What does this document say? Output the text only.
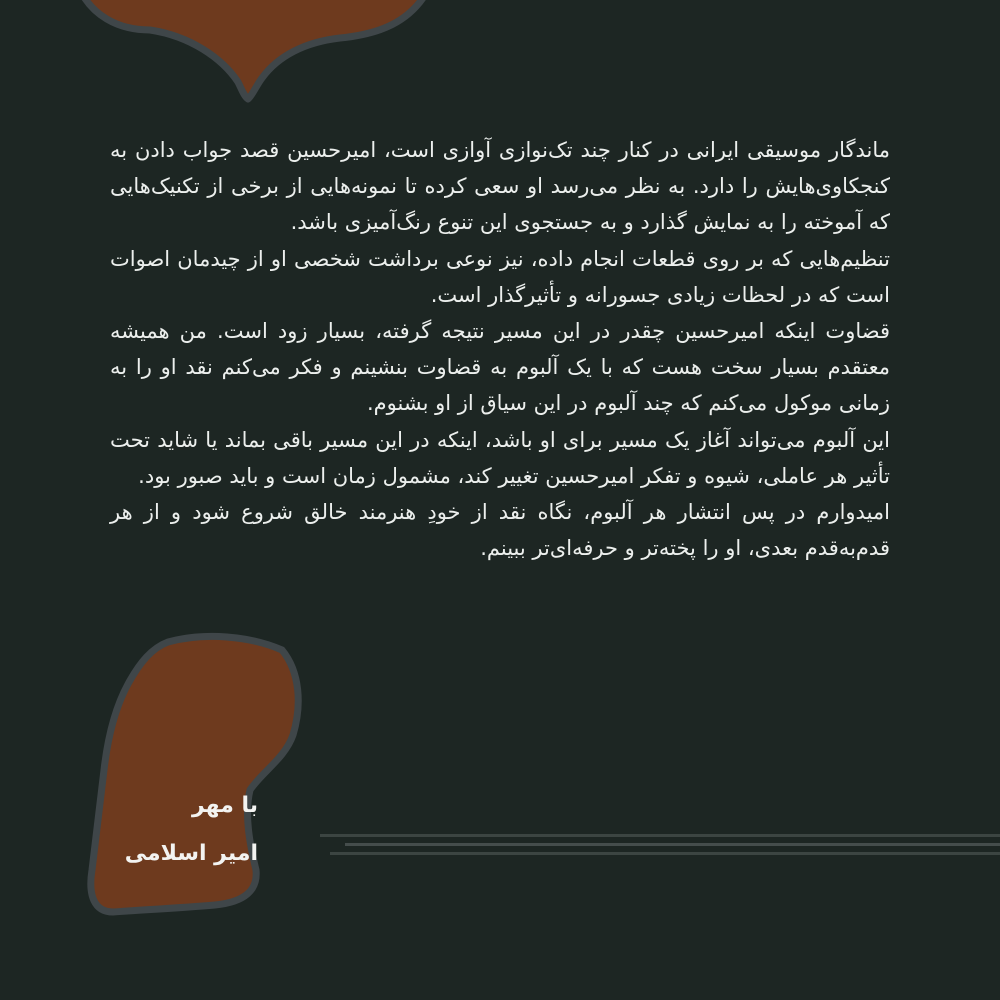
ماندگار موسیقی ایرانی در کنار چند تک‌نوازی آوازی است، امیرحسین قصد جواب دادن به کنجکاوی‌هایش را دارد. به نظر می‌رسد او سعی کرده تا نمونه‌هایی از برخی از تکنیک‌هایی که آموخته را به نمایش گذارد و به جستجوی این تنوع رنگ‌آمیزی باشد.

تنظیم‌هایی که بر روی قطعات انجام داده، نیز نوعی برداشت شخصی او از چیدمان اصوات است که در لحظات زیادی جسورانه و تأثیرگذار است.

قضاوت اینکه امیرحسین چقدر در این مسیر نتیجه گرفته، بسیار زود است. من همیشه معتقدم بسیار سخت هست که با یک آلبوم به قضاوت بنشینم و فکر می‌کنم نقد او را به زمانی موکول می‌کنم که چند آلبوم در این سیاق از او بشنوم.

این آلبوم می‌تواند آغاز یک مسیر برای او باشد، اینکه در این مسیر باقی بماند یا شاید تحت تأثیر هر عاملی، شیوه و تفکر امیرحسین تغییر کند، مشمول زمان است و باید صبور بود.

امیدوارم در پس انتشار هر آلبوم، نگاه نقد از خودِ هنرمند خالق شروع شود و از هر قدم‌به‌قدم بعدی، او را پخته‌تر و حرفه‌ای‌تر ببینم.

با مهر
امیر اسلامی
